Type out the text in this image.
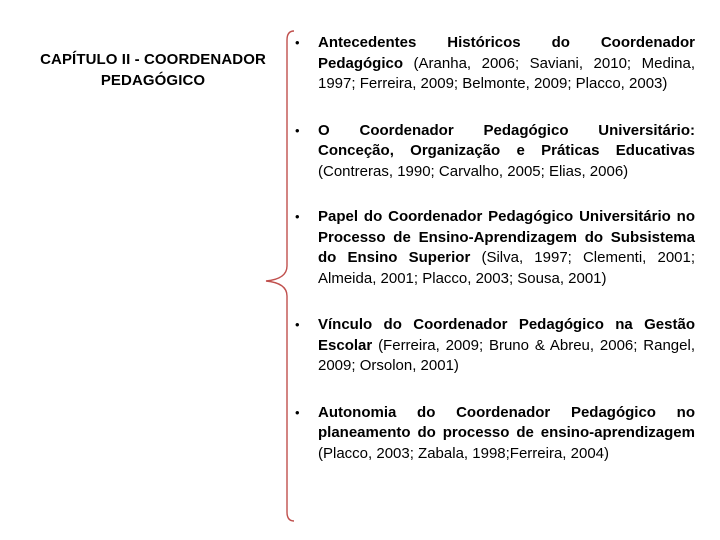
CAPÍTULO II - COORDENADOR
PEDAGÓGICO
• Antecedentes Históricos do Coordenador Pedagógico (Aranha, 2006; Saviani, 2010; Medina, 1997; Ferreira, 2009; Belmonte, 2009; Placco, 2003)
• O Coordenador Pedagógico Universitário: Conceção, Organização e Práticas Educativas (Contreras, 1990; Carvalho, 2005; Elias, 2006)
• Papel do Coordenador Pedagógico Universitário no Processo de Ensino-Aprendizagem do Subsistema do Ensino Superior (Silva, 1997; Clementi, 2001; Almeida, 2001; Placco, 2003; Sousa, 2001)
• Vínculo do Coordenador Pedagógico na Gestão Escolar (Ferreira, 2009; Bruno & Abreu, 2006; Rangel, 2009; Orsolon, 2001)
• Autonomia do Coordenador Pedagógico no planeamento do processo de ensino-aprendizagem (Placco, 2003; Zabala, 1998;Ferreira, 2004)
